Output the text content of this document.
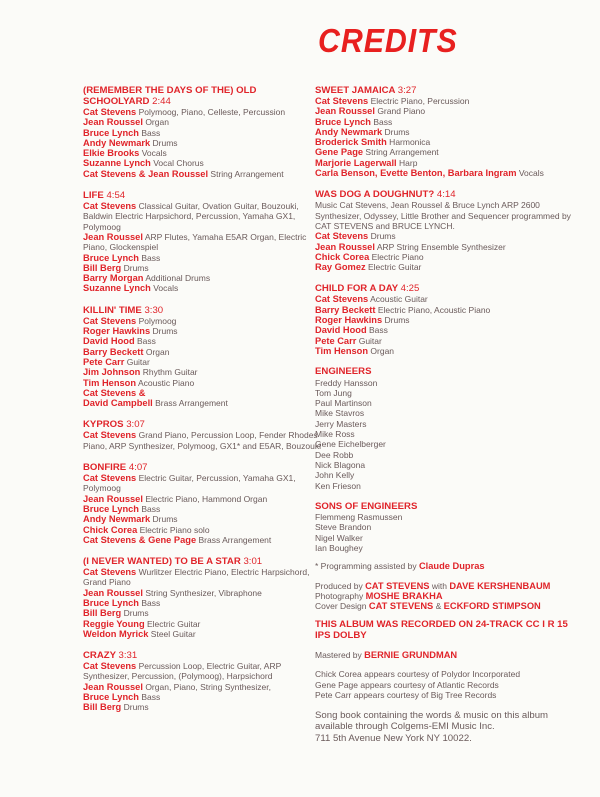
CREDITS
(REMEMBER THE DAYS OF THE) OLD SCHOOLYARD 2:44
Cat Stevens Polymoog, Piano, Celleste, Percussion
Jean Roussel Organ
Bruce Lynch Bass
Andy Newmark Drums
Elkie Brooks Vocals
Suzanne Lynch Vocal Chorus
Cat Stevens & Jean Roussel String Arrangement
LIFE 4:54
Cat Stevens Classical Guitar, Ovation Guitar, Bouzouki, Baldwin Electric Harpsichord, Percussion, Yamaha GX1, Polymoog
Jean Roussel ARP Flutes, Yamaha E5AR Organ, Electric Piano, Glockenspiel
Bruce Lynch Bass
Bill Berg Drums
Barry Morgan Additional Drums
Suzanne Lynch Vocals
KILLIN' TIME 3:30
Cat Stevens Polymoog
Roger Hawkins Drums
David Hood Bass
Barry Beckett Organ
Pete Carr Guitar
Jim Johnson Rhythm Guitar
Tim Henson Acoustic Piano
Cat Stevens &
David Campbell Brass Arrangement
KYPROS 3:07
Cat Stevens Grand Piano, Percussion Loop, Fender Rhodes Piano, ARP Synthesizer, Polymoog, GX1* and E5AR, Bouzouki
BONFIRE 4:07
Cat Stevens Electric Guitar, Percussion, Yamaha GX1, Polymoog
Jean Roussel Electric Piano, Hammond Organ
Bruce Lynch Bass
Andy Newmark Drums
Chick Corea Electric Piano solo
Cat Stevens & Gene Page Brass Arrangement
(I NEVER WANTED) TO BE A STAR 3:01
Cat Stevens Wurlitzer Electric Piano, Electric Harpsichord, Grand Piano
Jean Roussel String Synthesizer, Vibraphone
Bruce Lynch Bass
Bill Berg Drums
Reggie Young Electric Guitar
Weldon Myrick Steel Guitar
CRAZY 3:31
Cat Stevens Percussion Loop, Electric Guitar, ARP Synthesizer, Percussion, (Polymoog), Harpsichord
Jean Roussel Organ, Piano, String Synthesizer,
Bruce Lynch Bass
Bill Berg Drums
SWEET JAMAICA 3:27
Cat Stevens Electric Piano, Percussion
Jean Roussel Grand Piano
Bruce Lynch Bass
Andy Newmark Drums
Broderick Smith Harmonica
Gene Page String Arrangement
Marjorie Lagerwall Harp
Carla Benson, Evette Benton, Barbara Ingram Vocals
WAS DOG A DOUGHNUT? 4:14
Music Cat Stevens, Jean Roussel & Bruce Lynch ARP 2600 Synthesizer, Odyssey, Little Brother and Sequencer programmed by CAT STEVENS and BRUCE LYNCH.
Cat Stevens Drums
Jean Roussel ARP String Ensemble Synthesizer
Chick Corea Electric Piano
Ray Gomez Electric Guitar
CHILD FOR A DAY 4:25
Cat Stevens Acoustic Guitar
Barry Beckett Electric Piano, Acoustic Piano
Roger Hawkins Drums
David Hood Bass
Pete Carr Guitar
Tim Henson Organ
ENGINEERS
Freddy Hansson
Tom Jung
Paul Martinson
Mike Stavros
Jerry Masters
Mike Ross
Gene Eichelberger
Dee Robb
Nick Blagona
John Kelly
Ken Frieson
SONS OF ENGINEERS
Flemmeng Rasmussen
Steve Brandon
Nigel Walker
Ian Boughey
* Programming assisted by Claude Dupras
Produced by CAT STEVENS with DAVE KERSHENBAUM
Photography MOSHE BRAKHA
Cover Design CAT STEVENS & ECKFORD STIMPSON
THIS ALBUM WAS RECORDED ON 24-TRACK CC I R 15 IPS DOLBY
Mastered by BERNIE GRUNDMAN
Chick Corea appears courtesy of Polydor Incorporated
Gene Page appears courtesy of Atlantic Records
Pete Carr appears courtesy of Big Tree Records
Song book containing the words & music on this album
available through Colgems-EMI Music Inc.
711 5th Avenue New York NY 10022.
